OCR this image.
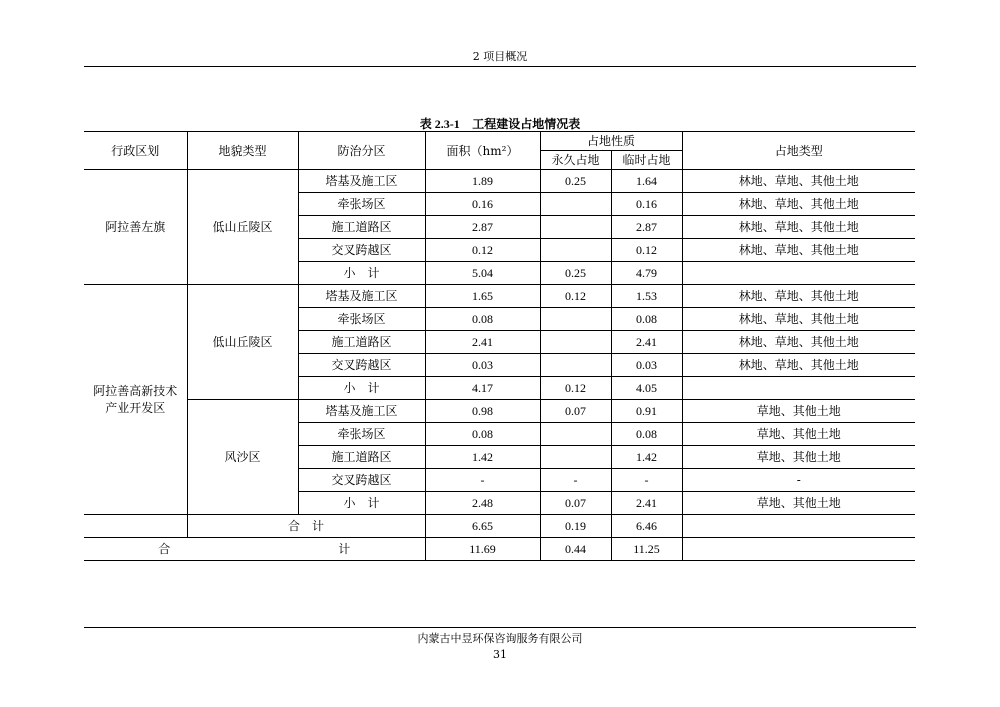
2 项目概况
表 2.3-1 工程建设占地情况表
行政区划	地貌类型	防治分区	面积（hm²）	占地性质		占地类型
				永久占地	临时占地	
阿拉善左旗	低山丘陵区	塔基及施工区	1.89	0.25	1.64	林地、草地、其他土地
		牵张场区	0.16		0.16	林地、草地、其他土地
		施工道路区	2.87		2.87	林地、草地、其他土地
		交叉跨越区	0.12		0.12	林地、草地、其他土地
		小　计	5.04	0.25	4.79	
阿拉善高新技术产业开发区	低山丘陵区	塔基及施工区	1.65	0.12	1.53	林地、草地、其他土地
		牵张场区	0.08		0.08	林地、草地、其他土地
		施工道路区	2.41		2.41	林地、草地、其他土地
		交叉跨越区	0.03		0.03	林地、草地、其他土地
		小　计	4.17	0.12	4.05	
	风沙区	塔基及施工区	0.98	0.07	0.91	草地、其他土地
		牵张场区	0.08		0.08	草地、其他土地
		施工道路区	1.42		1.42	草地、其他土地
		交叉跨越区	-	-	-	-
		小　计	2.48	0.07	2.41	草地、其他土地
	合　计		6.65	0.19	6.46	
合 计			11.69	0.44	11.25	
内蒙古中昱环保咨询服务有限公司
31
